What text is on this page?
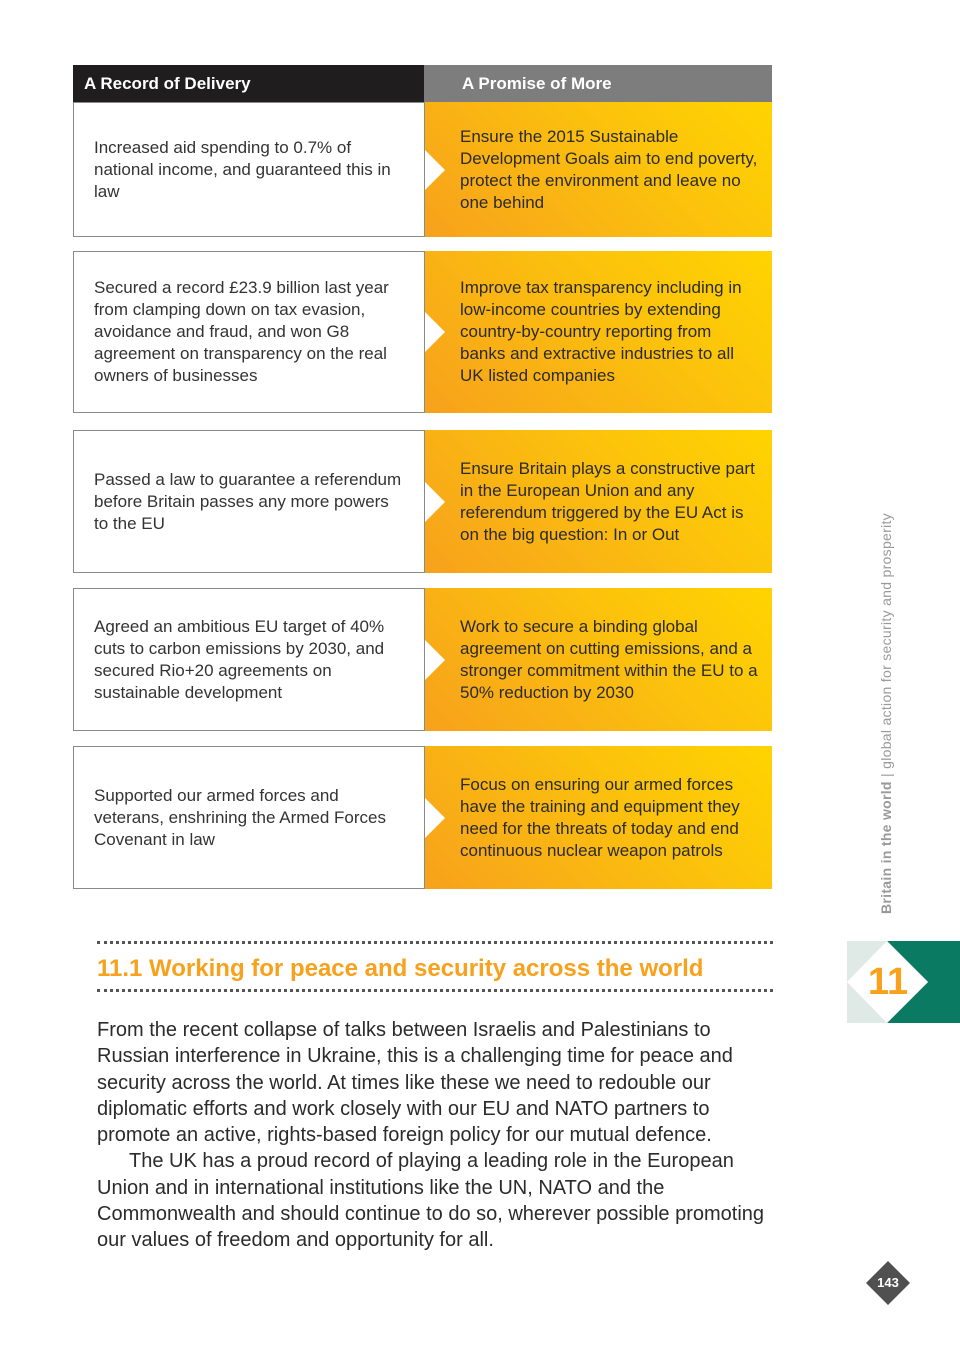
A Record of Delivery	A Promise of More
Increased aid spending to 0.7% of national income, and guaranteed this in law
Ensure the 2015 Sustainable Development Goals aim to end poverty, protect the environment and leave no one behind
Secured a record £23.9 billion last year from clamping down on tax evasion, avoidance and fraud, and won G8 agreement on transparency on the real owners of businesses
Improve tax transparency including in low-income countries by extending country-by-country reporting from banks and extractive industries to all UK listed companies
Passed a law to guarantee a referendum before Britain passes any more powers to the EU
Ensure Britain plays a constructive part in the European Union and any referendum triggered by the EU Act is on the big question: In or Out
Agreed an ambitious EU target of 40% cuts to carbon emissions by 2030, and secured Rio+20 agreements on sustainable development
Work to secure a binding global agreement on cutting emissions, and a stronger commitment within the EU to a 50% reduction by 2030
Supported our armed forces and veterans, enshrining the Armed Forces Covenant in law
Focus on ensuring our armed forces have the training and equipment they need for the threats of today and end continuous nuclear weapon patrols
11.1 Working for peace and security across the world

From the recent collapse of talks between Israelis and Palestinians to Russian interference in Ukraine, this is a challenging time for peace and security across the world. At times like these we need to redouble our diplomatic efforts and work closely with our EU and NATO partners to promote an active, rights-based foreign policy for our mutual defence.

The UK has a proud record of playing a leading role in the European Union and in international institutions like the UN, NATO and the Commonwealth and should continue to do so, wherever possible promoting our values of freedom and opportunity for all.

Britain in the world | global action for security and prosperity
11
143
